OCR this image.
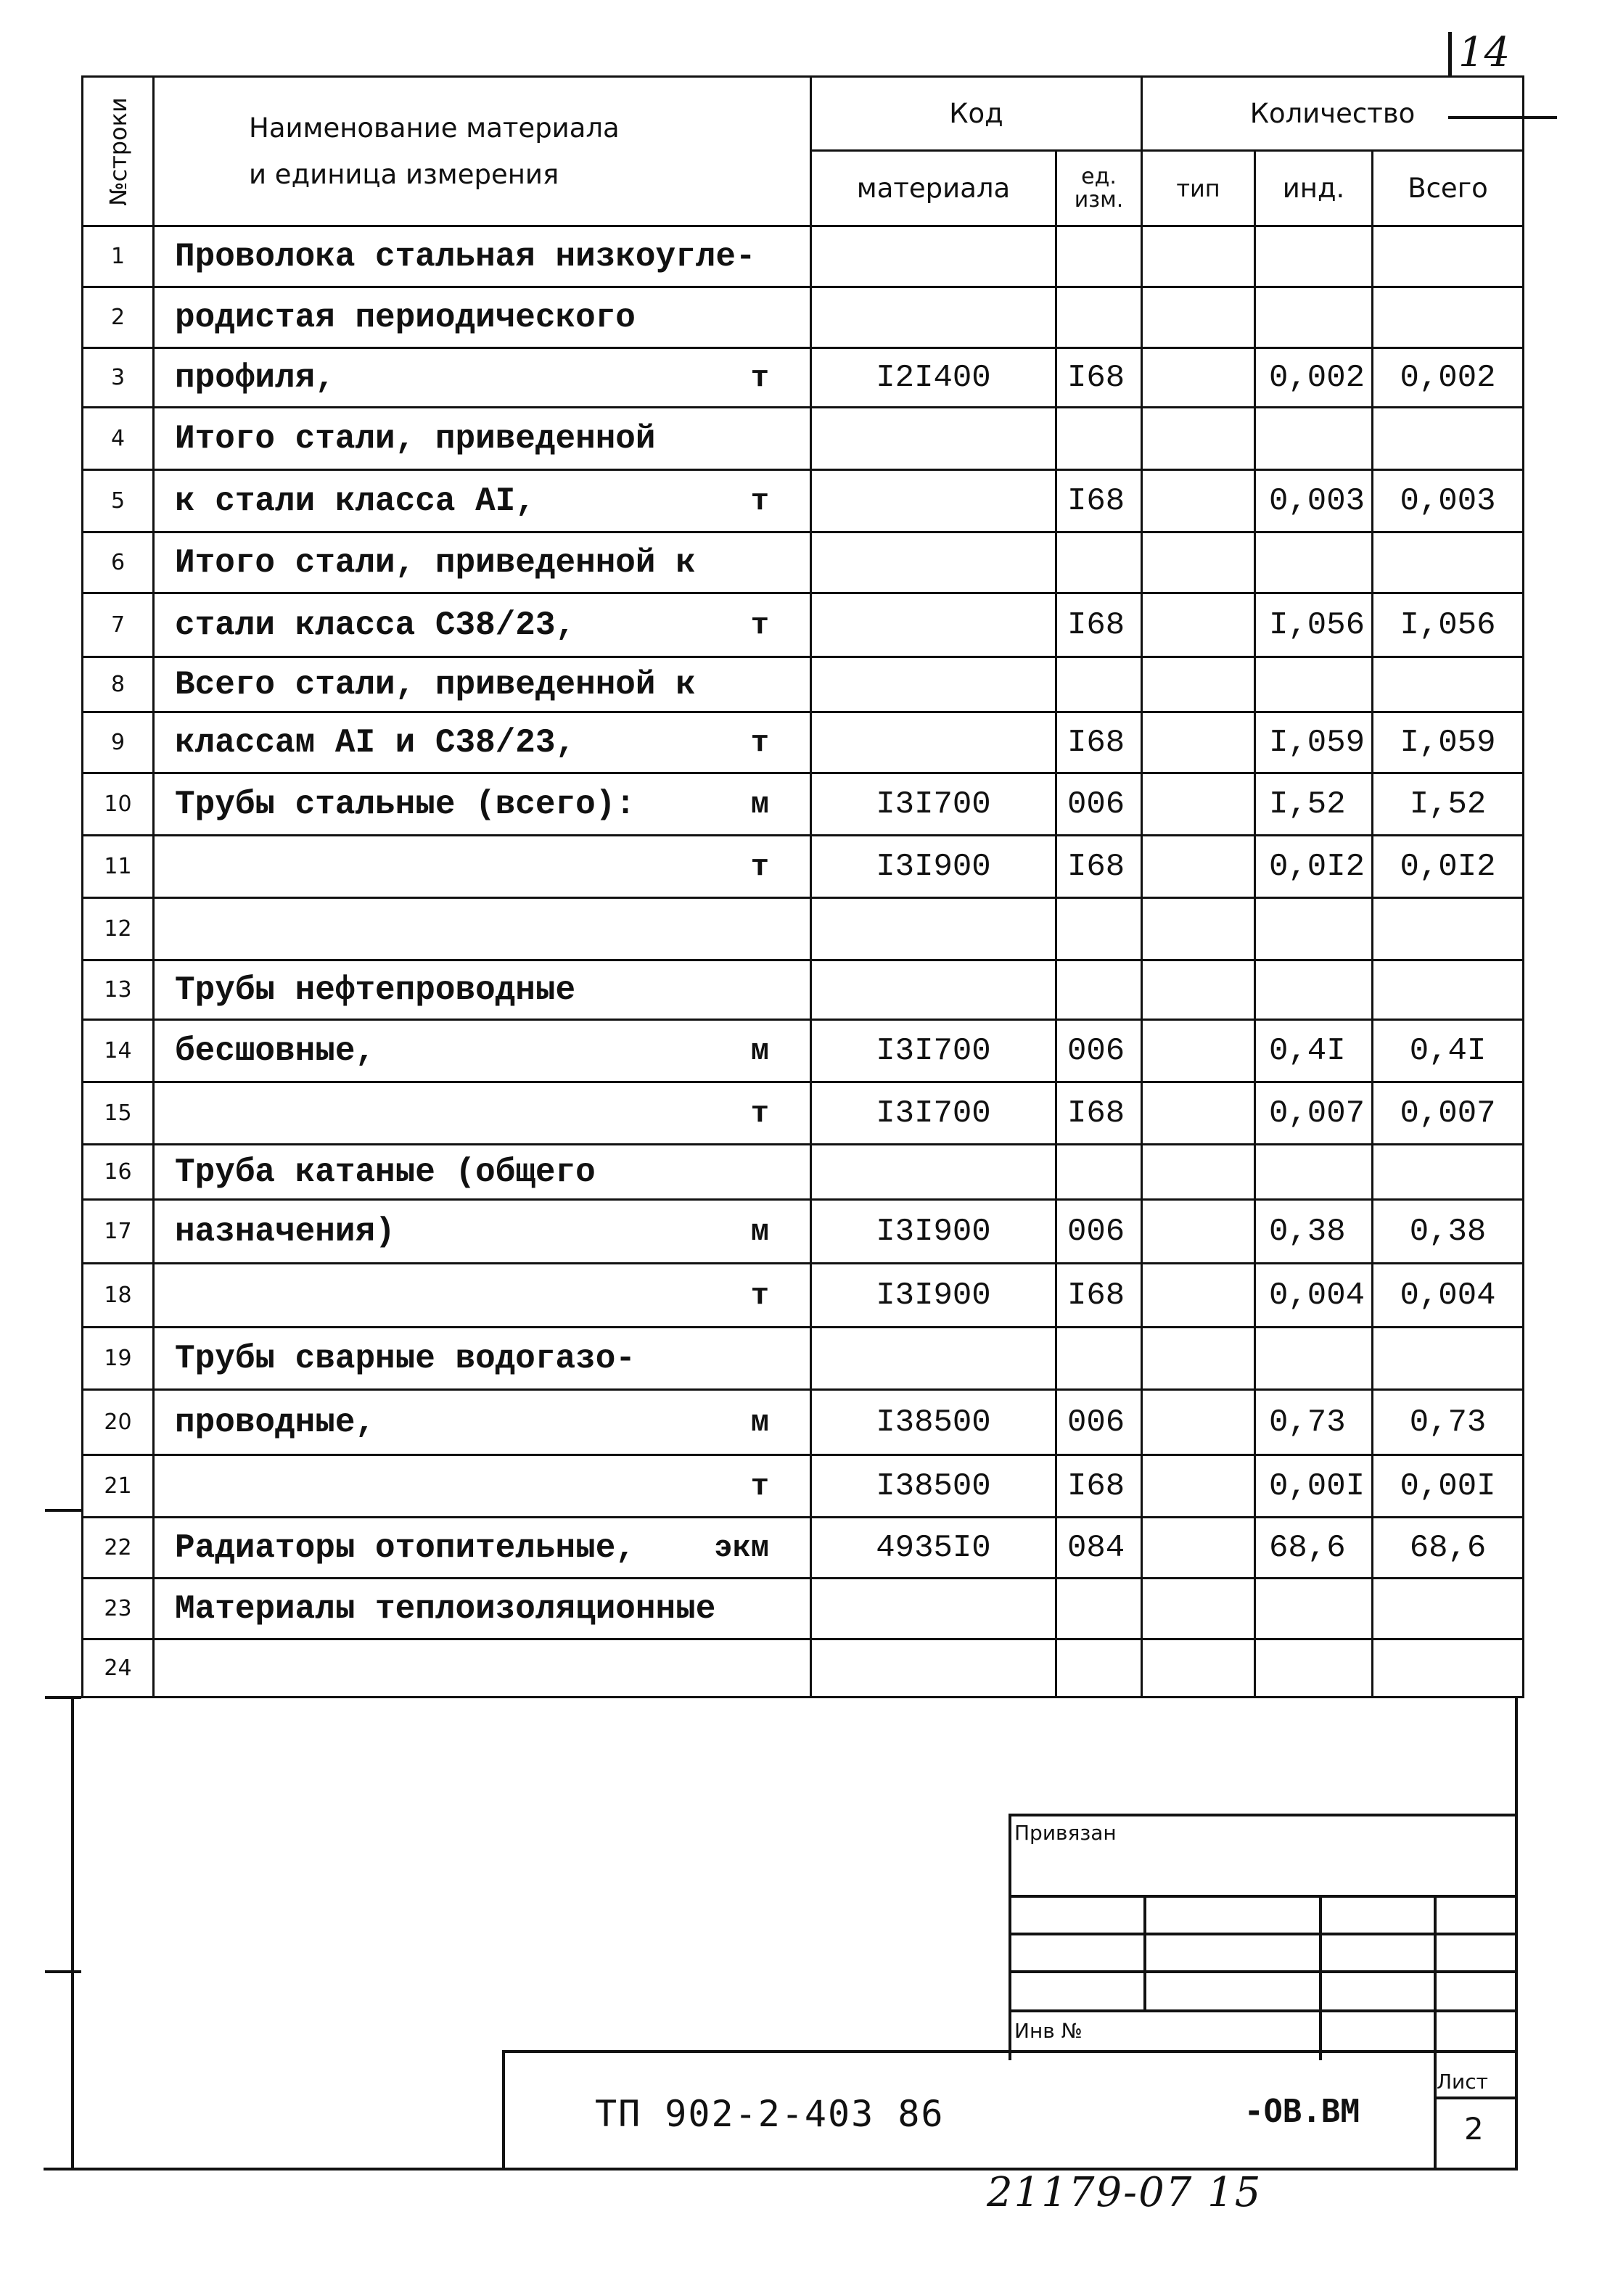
14
№строки	Наименование материала
и единица измерения	Код		Количество		
		материала	ед. изм.	тип	инд.	Всего
1	Проволока стальная низкоугле-

2	родистая периодического

3	профиля, т	I2I400	I68		0,002	0,002
4	Итого стали, приведенной

5	к стали класса AI, т		I68		0,003	0,003
6	Итого стали, приведенной к

7	стали класса С38/23, т		I68		I,056	I,056
8	Всего стали, приведенной к

9	классам AI и С38/23, т		I68		I,059	I,059
10	Трубы стальные (всего): м	I3I700	006		I,52	I,52
11	т	I3I900	I68		0,0I2	0,0I2
12	

13	Трубы нефтепроводные

14	бесшовные, м	I3I700	006		0,4I	0,4I
15	т	I3I700	I68		0,007	0,007
16	Труба катаные (общего

17	назначения) м	I3I900	006		0,38	0,38
18	т	I3I900	I68		0,004	0,004
19	Трубы сварные водогазо-

20	проводные, м	I38500	006		0,73	0,73
21	т	I38500	I68		0,00I	0,00I
22	Радиаторы отопительные, экм	4935I0	084		68,6	68,6
23	Материалы теплоизоляционные

24	

Привязан
Инв №
Лист
2
ТП 902-2-403 86	-ОВ.ВМ
21179-07 15
